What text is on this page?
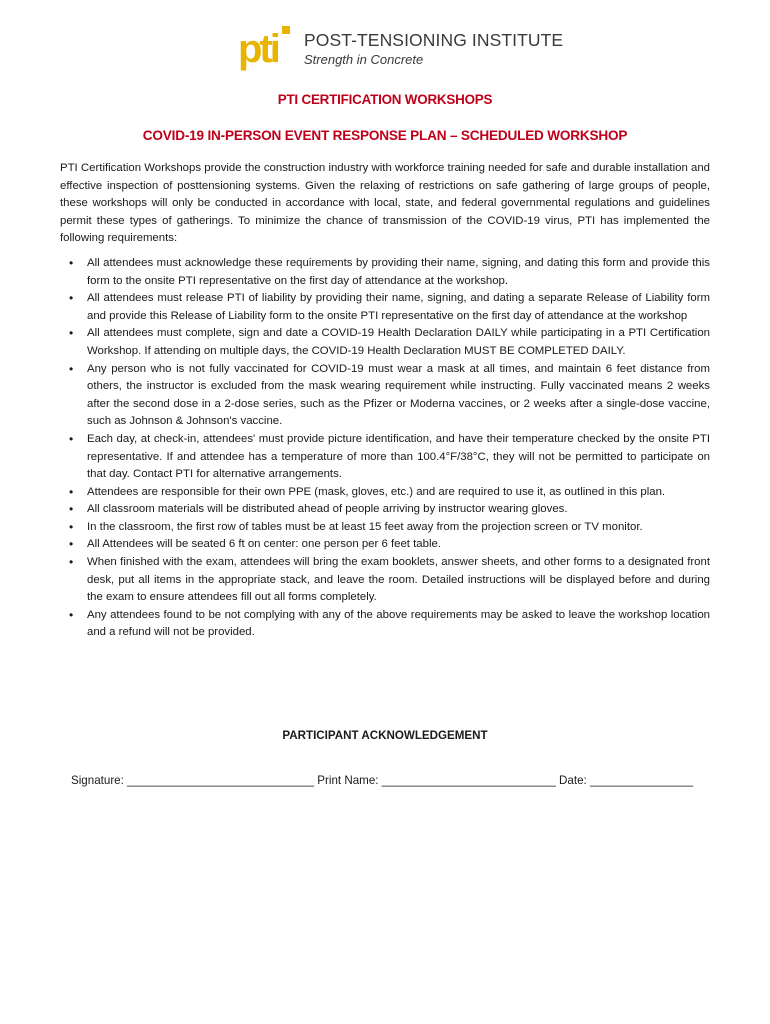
pti POST-TENSIONING INSTITUTE
Strength in Concrete
PTI CERTIFICATION WORKSHOPS
COVID-19 IN-PERSON EVENT RESPONSE PLAN – SCHEDULED WORKSHOP

PTI Certification Workshops provide the construction industry with workforce training needed for safe and durable installation and effective inspection of posttensioning systems. Given the relaxing of restrictions on safe gathering of large groups of people, these workshops will only be conducted in accordance with local, state, and federal governmental regulations and guidelines permit these types of gatherings. To minimize the chance of transmission of the COVID-19 virus, PTI has implemented the following requirements:

• All attendees must acknowledge these requirements by providing their name, signing, and dating this form and provide this form to the onsite PTI representative on the first day of attendance at the workshop.
• All attendees must release PTI of liability by providing their name, signing, and dating a separate Release of Liability form and provide this Release of Liability form to the onsite PTI representative on the first day of attendance at the workshop
• All attendees must complete, sign and date a COVID-19 Health Declaration DAILY while participating in a PTI Certification Workshop. If attending on multiple days, the COVID-19 Health Declaration MUST BE COMPLETED DAILY.
• Any person who is not fully vaccinated for COVID-19 must wear a mask at all times, and maintain 6 feet distance from others, the instructor is excluded from the mask wearing requirement while instructing. Fully vaccinated means 2 weeks after the second dose in a 2-dose series, such as the Pfizer or Moderna vaccines, or 2 weeks after a single-dose vaccine, such as Johnson & Johnson's vaccine.
• Each day, at check-in, attendees' must provide picture identification, and have their temperature checked by the onsite PTI representative. If and attendee has a temperature of more than 100.4°F/38°C, they will not be permitted to participate on that day. Contact PTI for alternative arrangements.
• Attendees are responsible for their own PPE (mask, gloves, etc.) and are required to use it, as outlined in this plan.
• All classroom materials will be distributed ahead of people arriving by instructor wearing gloves.
• In the classroom, the first row of tables must be at least 15 feet away from the projection screen or TV monitor.
• All Attendees will be seated 6 ft on center: one person per 6 feet table.
• When finished with the exam, attendees will bring the exam booklets, answer sheets, and other forms to a designated front desk, put all items in the appropriate stack, and leave the room. Detailed instructions will be displayed before and during the exam to ensure attendees fill out all forms completely.
• Any attendees found to be not complying with any of the above requirements may be asked to leave the workshop location and a refund will not be provided.
PARTICIPANT ACKNOWLEDGEMENT
Signature: _____________________________ Print Name: ___________________________ Date: ________________
